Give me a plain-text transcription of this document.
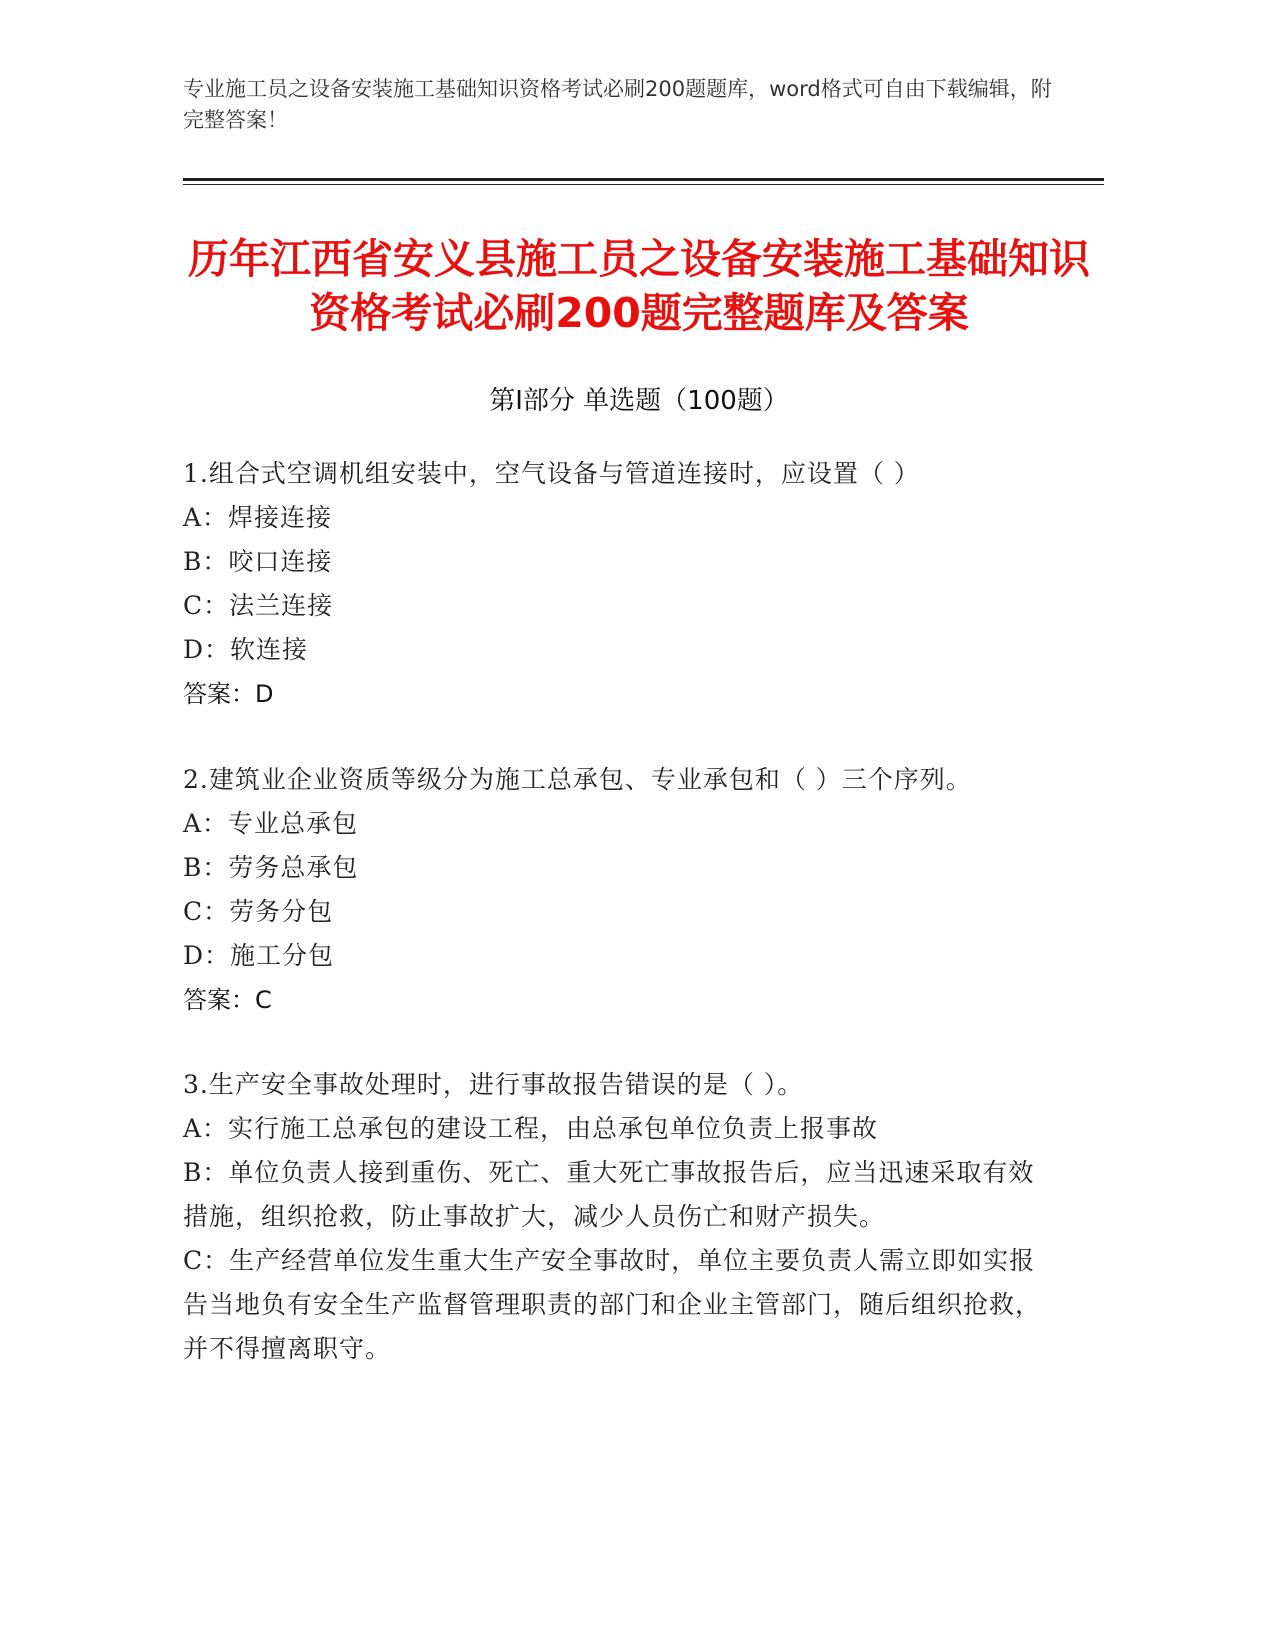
专业施工员之设备安装施工基础知识资格考试必刷200题题库，word格式可自由下载编辑，附完整答案！
历年江西省安义县施工员之设备安装施工基础知识资格考试必刷200题完整题库及答案
第Ⅰ部分 单选题（100题）
1.组合式空调机组安装中，空气设备与管道连接时，应设置（ ）
A：焊接连接
B：咬口连接
C：法兰连接
D：软连接
答案：D
2.建筑业企业资质等级分为施工总承包、专业承包和（ ）三个序列。
A：专业总承包
B：劳务总承包
C：劳务分包
D：施工分包
答案：C
3.生产安全事故处理时，进行事故报告错误的是（ ）。
A：实行施工总承包的建设工程，由总承包单位负责上报事故
B：单位负责人接到重伤、死亡、重大死亡事故报告后，应当迅速采取有效措施，组织抢救，防止事故扩大，减少人员伤亡和财产损失。
C：生产经营单位发生重大生产安全事故时，单位主要负责人需立即如实报告当地负有安全生产监督管理职责的部门和企业主管部门，随后组织抢救，并不得擅离职守。
